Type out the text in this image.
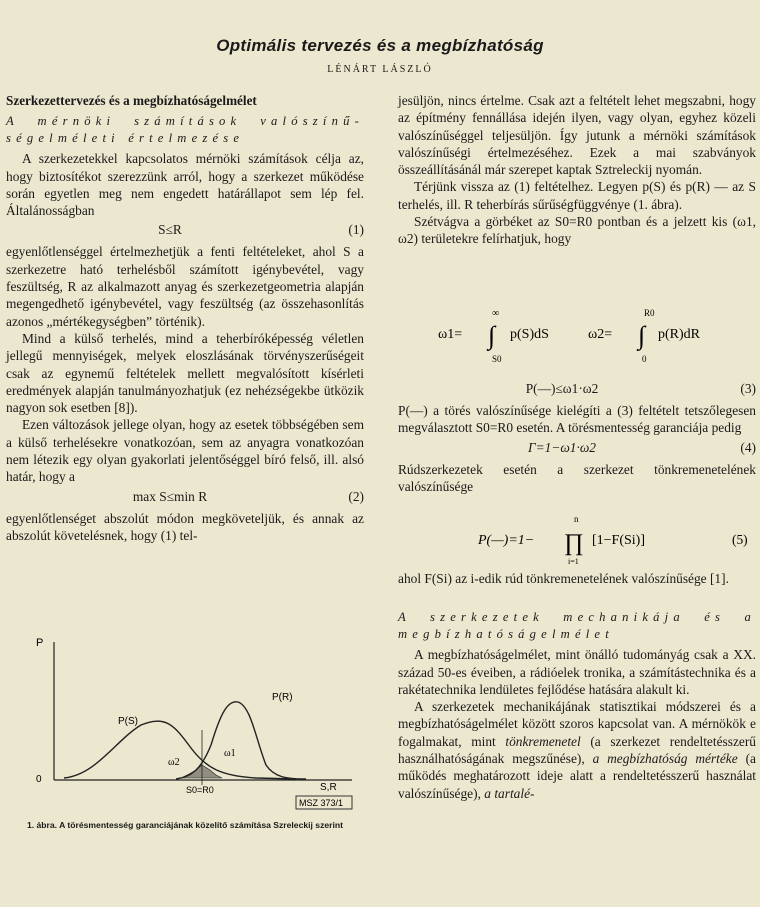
Optimális tervezés és a megbízhatóság
LÉNÁRT LÁSZLÓ

Szerkezettervezés és a megbízhatóságelmélet

A mérnöki számítások valószínű-ségelméleti értelmezése

A szerkezetekkel kapcsolatos mérnöki számítások célja az, hogy biztosítékot szerezzünk arról, hogy a szerkezet működése során egyetlen meg nem engedett határállapot sem lép fel. Általánosságban

S≤R	(1)

egyenlőtlenséggel értelmezhetjük a fenti feltételeket, ahol S a szerkezetre ható terhelésből számított igénybevétel, vagy feszültség, R az alkalmazott anyag és szerkezetgeometria alapján megengedhető igénybevétel, vagy feszültség (az összehasonlítás azonos „mértékegységben” történik).

Mind a külső terhelés, mind a teherbíróképesség véletlen jellegű mennyiségek, melyek eloszlásának törvényszerűségeit csak az egynemű feltételek mellett megvalósított kísérleti eredmények alapján tanulmányozhatjuk (ez nehézségekbe ütközik nagyon sok esetben [8]).

Ezen változások jellege olyan, hogy az esetek többségében sem a külső terhelésekre vonatkozóan, sem az anyagra vonatkozóan nem létezik egy olyan gyakorlati jelentőséggel bíró felső, ill. alsó határ, hogy a

max S≤min R	(2)

egyenlőtlenséget abszolút módon megköveteljük, és annak az abszolút követelésnek, hogy (1) tel-

P
0
S,R
P(S)
P(R)
ω1
ω2
S0=R0
MSZ 373/1
1. ábra. A törésmentesség garanciájának közelítő számítása Szreleckij szerint

jesüljön, nincs értelme. Csak azt a feltételt lehet megszabni, hogy az építmény fennállása idején ilyen, vagy olyan, egyhez közeli valószínűséggel teljesüljön. Így jutunk a mérnöki számítások valószínűségi értelmezéséhez. Ezek a mai szabványok összeállításánál már szerepet kaptak Sztreleckij nyomán.

Térjünk vissza az (1) feltételhez. Legyen p(S) és p(R) — az S terhelés, ill. R teherbírás sűrűségfüggvénye (1. ábra).

Szétvágva a görbéket az S0=R0 pontban és a jelzett kis (ω1, ω2) területekre felírhatjuk, hogy

ω1=
∞
∫
S0
p(S)dS	ω2=
R0
∫
0
p(R)dR
P(—)≤ω1·ω2	(3)

P(—) a törés valószínűsége kielégíti a (3) feltételt tetszőlegesen megválasztott S0=R0 esetén. A törésmentesség garanciája pedig

Γ=1−ω1·ω2	(4)

Rúdszerkezetek esetén a szerkezet tönkremenetelének valószínűsége

P(—)=1−
n
∏
i=1
[1−F(Si)]	(5)

ahol F(Si) az i-edik rúd tönkremenetelének valószínűsége [1].

A szerkezetek mechanikája és a megbízhatóságelmélet

A megbízhatóságelmélet, mint önálló tudományág csak a XX. század 50-es éveiben, a rádióelek tronika, a számítástechnika és a rakétatechnika lendületes fejlődése hatására alakult ki.

A szerkezetek mechanikájának statisztikai módszerei és a megbízhatóságelmélet között szoros kapcsolat van. A mérnökök e fogalmakat, mint tönkremenetel (a szerkezet rendeltetésszerű használhatóságának megszűnése), a megbízhatóság mértéke (a működés meghatározott ideje alatt a rendeltetésszerű használat valószínűsége), a tartalé-
